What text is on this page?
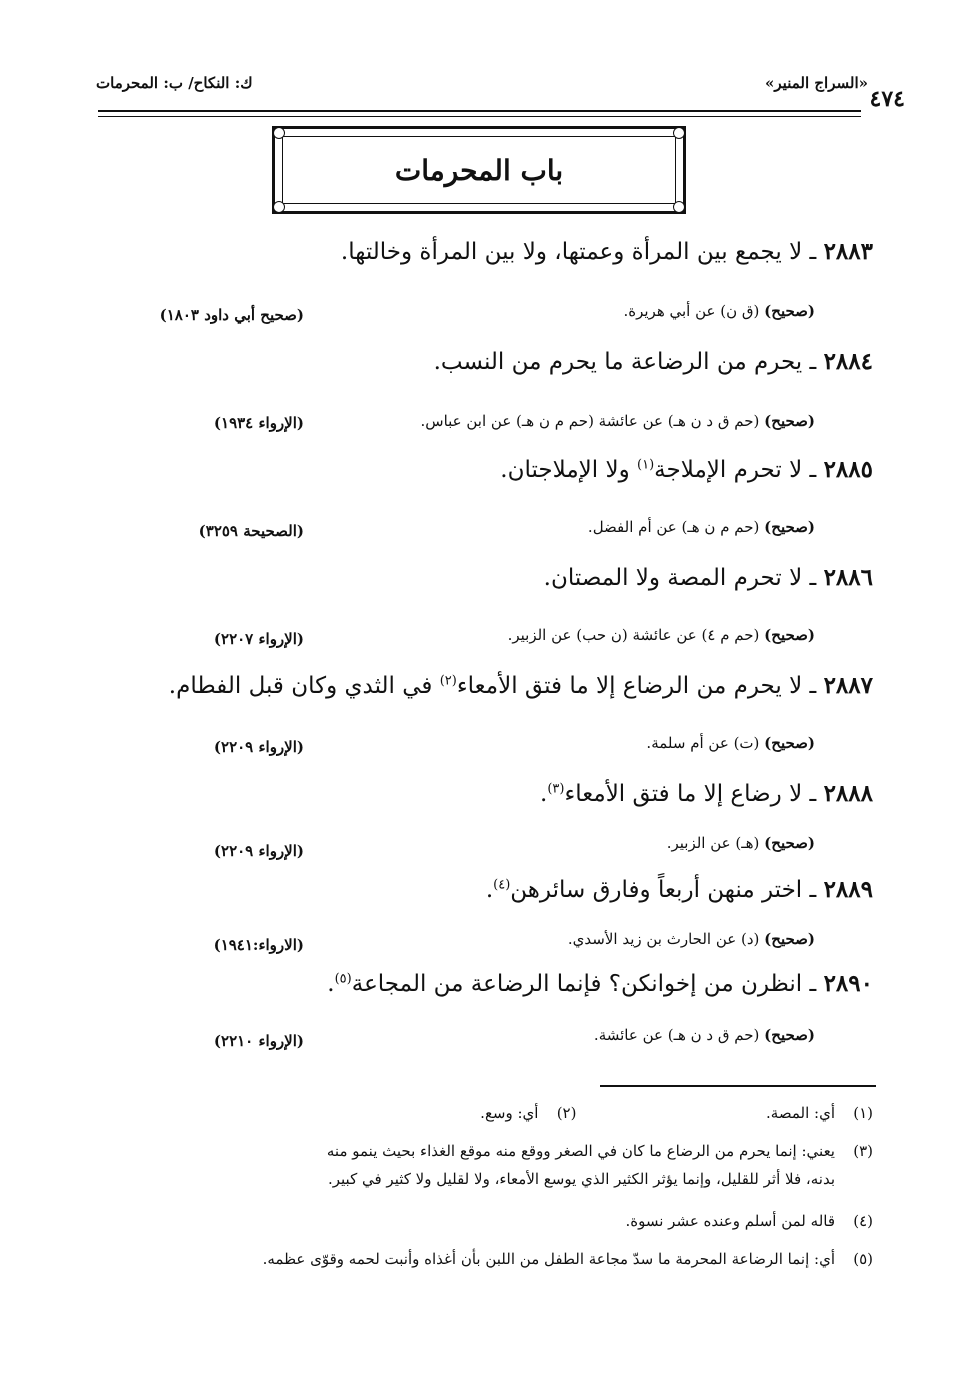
«السراج المنير»
ك: النكاح/ ب: المحرمات
٤٧٤
باب المحرمات
٢٨٨٣ ـ لا يجمع بين المرأة وعمتها، ولا بين المرأة وخالتها.
(صحيح) (ق ن) عن أبي هريرة.
(صحيح أبي داود ١٨٠٣)
٢٨٨٤ ـ يحرم من الرضاعة ما يحرم من النسب.
(صحيح) (حم ق د ن هـ) عن عائشة (حم م ن هـ) عن ابن عباس.
(الإرواء ١٩٣٤)
٢٨٨٥ ـ لا تحرم الإملاجة$^{(١)}$ ولا الإملاجتان.
(صحيح) (حم م ن هـ) عن أم الفضل.
(الصحيحة ٣٢٥٩)
٢٨٨٦ ـ لا تحرم المصة ولا المصتان.
(صحيح) (حم م ٤) عن عائشة (ن حب) عن الزبير.
(الإرواء ٢٢٠٧)
٢٨٨٧ ـ لا يحرم من الرضاع إلا ما فتق الأمعاء$^{(٢)}$ في الثدي وكان قبل الفطام.
(صحيح) (ت) عن أم سلمة.
(الإرواء ٢٢٠٩)
٢٨٨٨ ـ لا رضاع إلا ما فتق الأمعاء$^{(٣)}$.
(صحيح) (هـ) عن الزبير.
(الإرواء ٢٢٠٩)
٢٨٨٩ ـ اختر منهن أربعاً وفارق سائرهن$^{(٤)}$.
(صحيح) (د) عن الحارث بن زيد الأسدي.
(الارواء:١٩٤١)
٢٨٩٠ ـ انظرن من إخوانكن؟ فإنما الرضاعة من المجاعة$^{(٥)}$.
(صحيح) (حم ق د ن هـ) عن عائشة.
(الإرواء ٢٢١٠)
(١)أي: المصة.  (٢)أي: وسع.
(٣)يعني: إنما يحرم من الرضاع ما كان في الصغر ووقع منه موقع الغذاء بحيث ينمو منه
بدنه، فلا أثر للقليل، وإنما يؤثر الكثير الذي يوسع الأمعاء، ولا لقليل ولا كثير في كبير.
(٤)قاله لمن أسلم وعنده عشر نسوة.
(٥)أي: إنما الرضاعة المحرمة ما سدّ مجاعة الطفل من اللبن بأن أغذاه وأنبت لحمه وقوّى عظمه.
